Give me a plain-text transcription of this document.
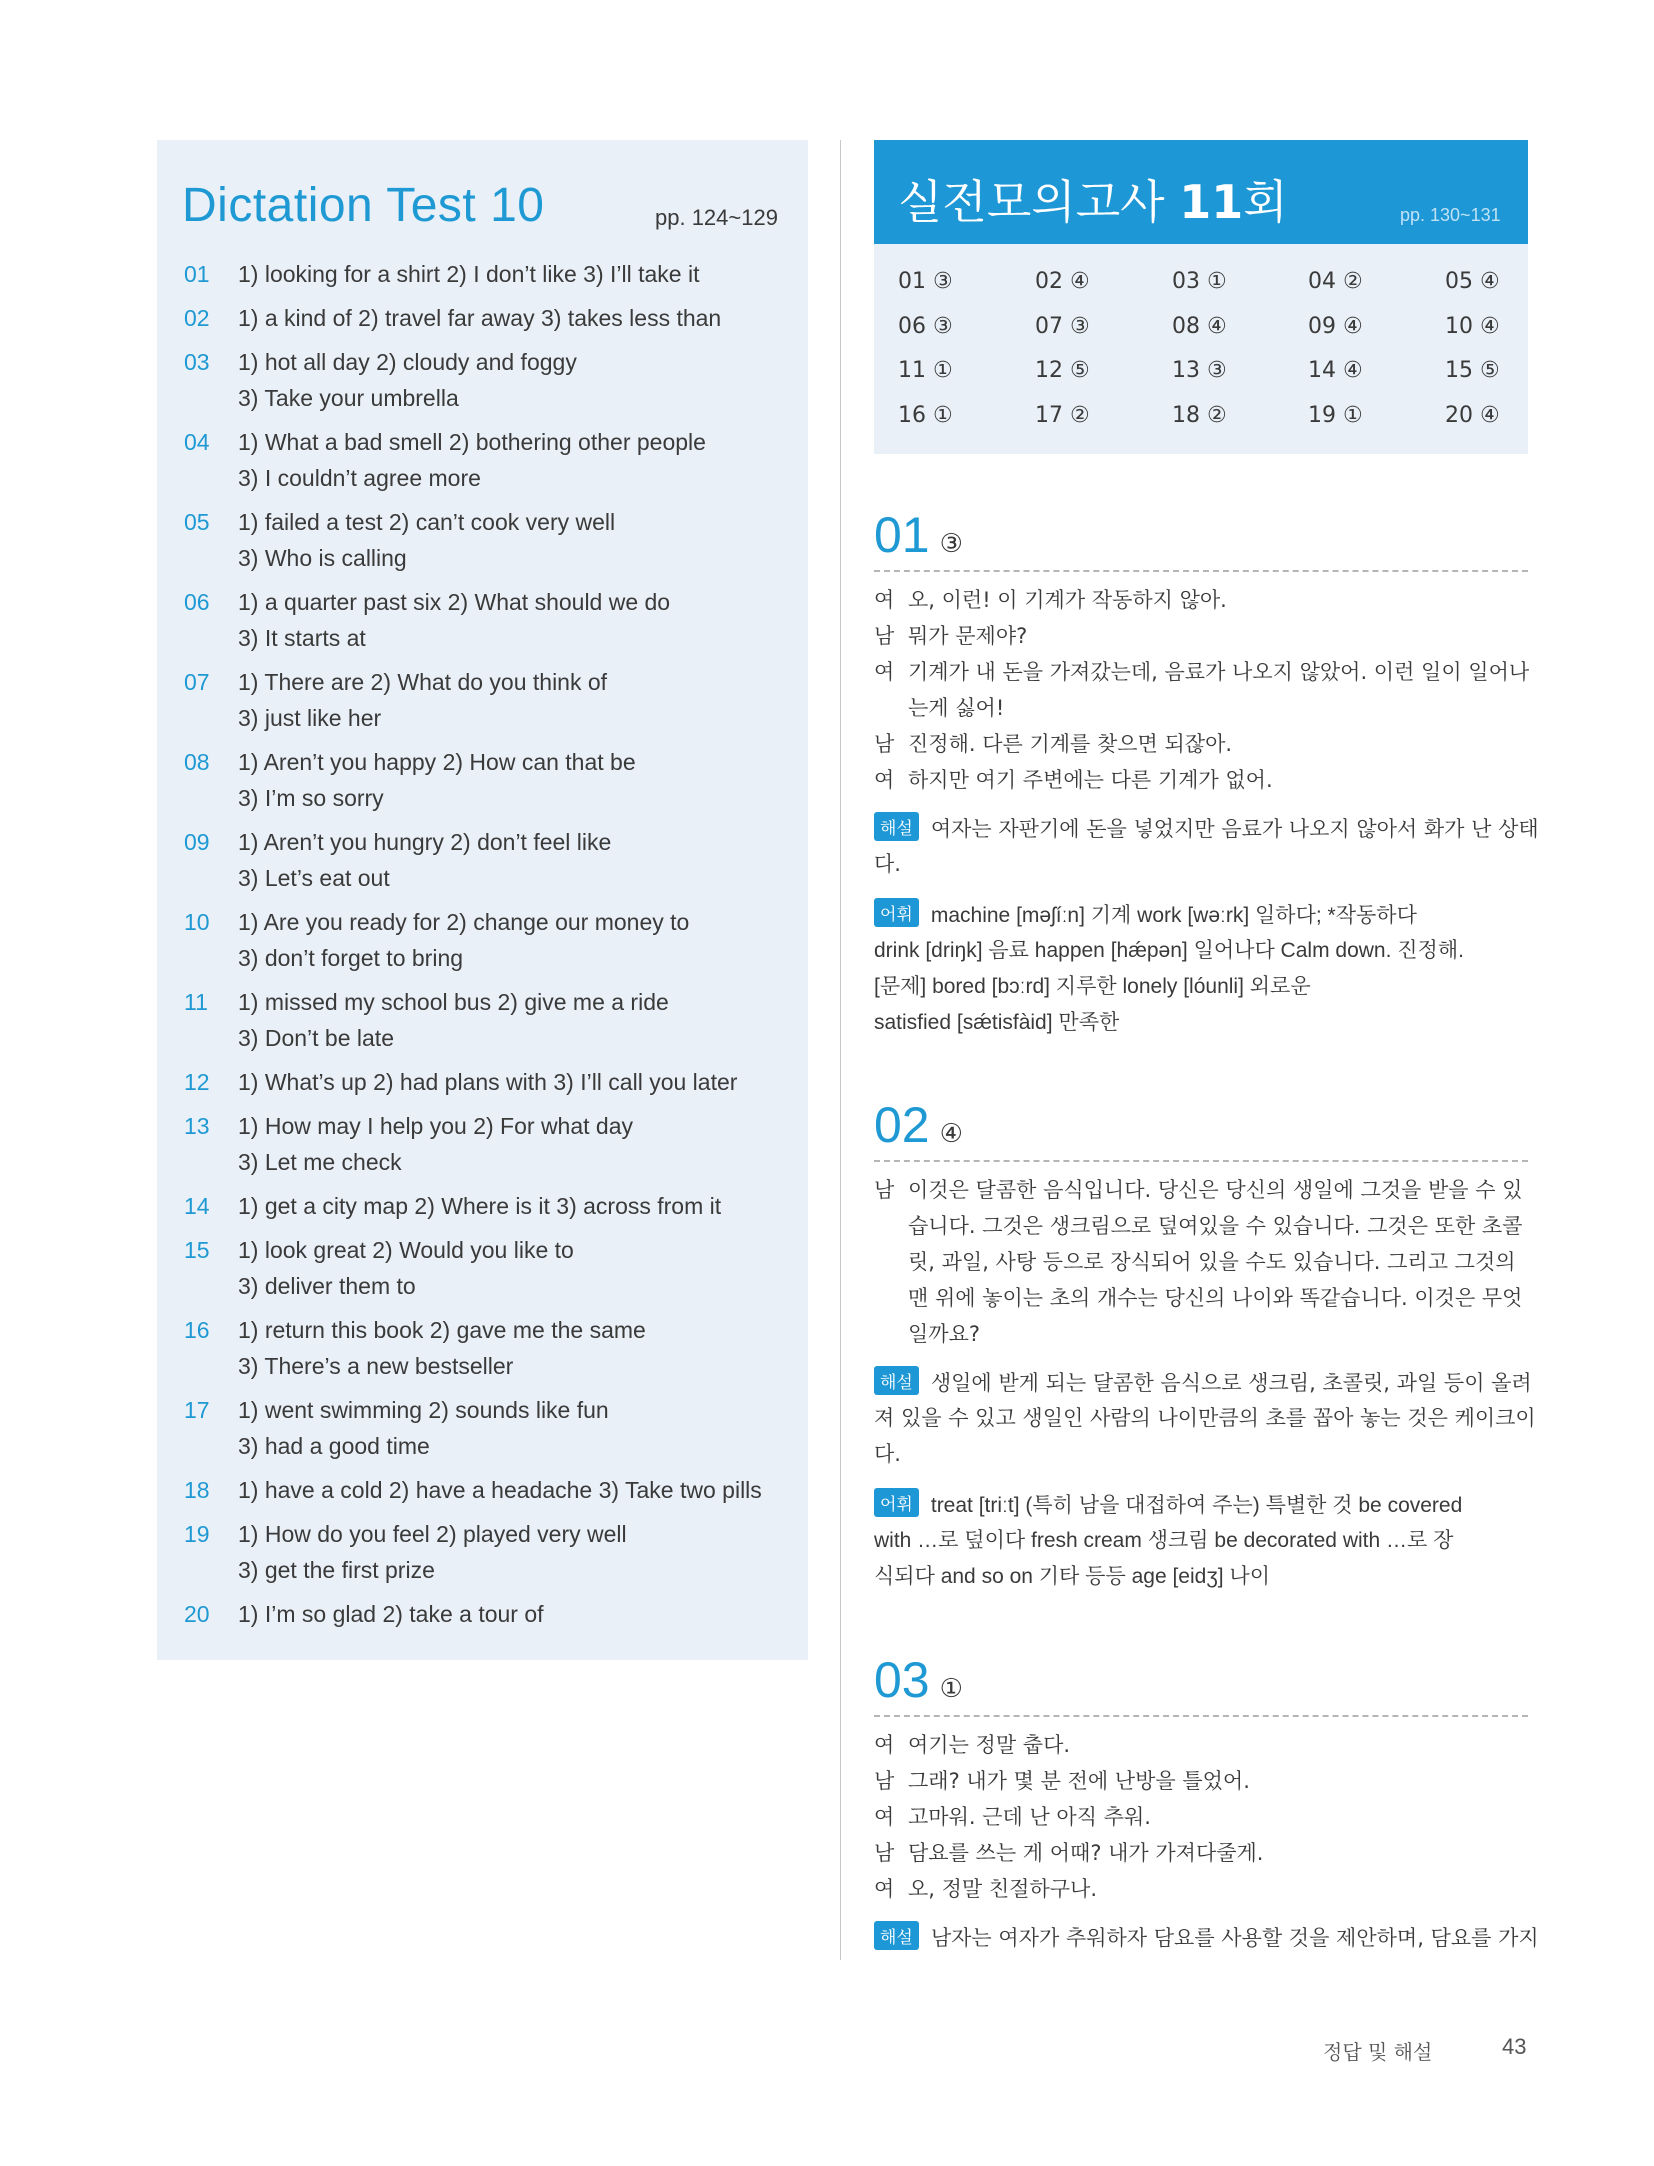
Dictation Test 10	pp. 124~129
01	1) looking for a shirt 2) I don’t like 3) I’ll take it
02	1) a kind of 2) travel far away 3) takes less than
03	1) hot all day 2) cloudy and foggy
3) Take your umbrella
04	1) What a bad smell 2) bothering other people
3) I couldn’t agree more
05	1) failed a test 2) can’t cook very well
3) Who is calling
06	1) a quarter past six 2) What should we do
3) It starts at
07	1) There are 2) What do you think of
3) just like her
08	1) Aren’t you happy 2) How can that be
3) I’m so sorry
09	1) Aren’t you hungry 2) don’t feel like
3) Let’s eat out
10	1) Are you ready for 2) change our money to
3) don’t forget to bring
11	1) missed my school bus 2) give me a ride
3) Don’t be late
12	1) What’s up 2) had plans with 3) I’ll call you later
13	1) How may I help you 2) For what day
3) Let me check
14	1) get a city map 2) Where is it 3) across from it
15	1) look great 2) Would you like to
3) deliver them to
16	1) return this book 2) gave me the same
3) There’s a new bestseller
17	1) went swimming 2) sounds like fun
3) had a good time
18	1) have a cold 2) have a headache 3) Take two pills
19	1) How do you feel 2) played very well
3) get the first prize
20	1) I’m so glad 2) take a tour of
실전모의고사 11회	pp. 130~131
01 ③	02 ④	03 ①	04 ②	05 ④
06 ③	07 ③	08 ④	09 ④	10 ④
11 ①	12 ⑤	13 ③	14 ④	15 ⑤
16 ①	17 ②	18 ②	19 ①	20 ④
01 ③
여 오, 이런! 이 기계가 작동하지 않아.
남 뭐가 문제야?
여 기계가 내 돈을 가져갔는데, 음료가 나오지 않았어. 이런 일이 일어나
는게 싫어!
남 진정해. 다른 기계를 찾으면 되잖아.
여 하지만 여기 주변에는 다른 기계가 없어.
해설 여자는 자판기에 돈을 넣었지만 음료가 나오지 않아서 화가 난 상태
다.
어휘 machine [məʃíːn] 기계 work [wəːrk] 일하다; *작동하다
drink [driŋk] 음료 happen [hǽpən] 일어나다 Calm down. 진정해.
[문제] bored [bɔːrd] 지루한 lonely [lóunli] 외로운
satisfied [sǽtisfàid] 만족한
02 ④
남 이것은 달콤한 음식입니다. 당신은 당신의 생일에 그것을 받을 수 있
습니다. 그것은 생크림으로 덮여있을 수 있습니다. 그것은 또한 초콜
릿, 과일, 사탕 등으로 장식되어 있을 수도 있습니다. 그리고 그것의
맨 위에 놓이는 초의 개수는 당신의 나이와 똑같습니다. 이것은 무엇
일까요?
해설 생일에 받게 되는 달콤한 음식으로 생크림, 초콜릿, 과일 등이 올려
져 있을 수 있고 생일인 사람의 나이만큼의 초를 꼽아 놓는 것은 케이크이
다.
어휘 treat [triːt] (특히 남을 대접하여 주는) 특별한 것 be covered
with …로 덮이다 fresh cream 생크림 be decorated with …로 장
식되다 and so on 기타 등등 age [eidʒ] 나이
03 ①
여 여기는 정말 춥다.
남 그래? 내가 몇 분 전에 난방을 틀었어.
여 고마워. 근데 난 아직 추워.
남 담요를 쓰는 게 어때? 내가 가져다줄게.
여 오, 정말 친절하구나.
해설 남자는 여자가 추워하자 담요를 사용할 것을 제안하며, 담요를 가지
정답 및 해설	43
